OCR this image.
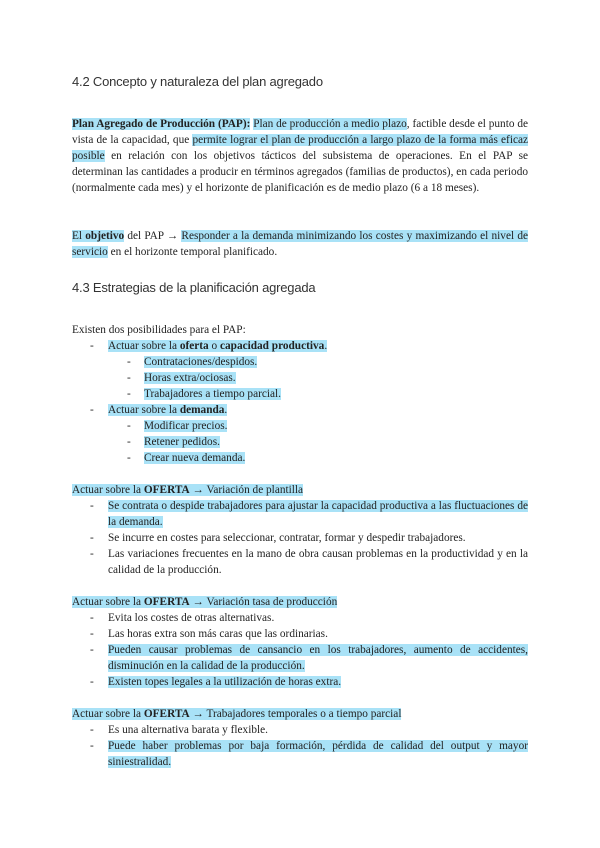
4.2 Concepto y naturaleza del plan agregado

Plan Agregado de Producción (PAP): Plan de producción a medio plazo, factible desde el punto de vista de la capacidad, que permite lograr el plan de producción a largo plazo de la forma más eficaz posible en relación con los objetivos tácticos del subsistema de operaciones. En el PAP se determinan las cantidades a producir en términos agregados (familias de productos), en cada periodo (normalmente cada mes) y el horizonte de planificación es de medio plazo (6 a 18 meses).

El objetivo del PAP → Responder a la demanda minimizando los costes y maximizando el nivel de servicio en el horizonte temporal planificado.

4.3 Estrategias de la planificación agregada
Existen dos posibilidades para el PAP:
- Actuar sobre la oferta o capacidad productiva.
- Contrataciones/despidos.
- Horas extra/ociosas.
- Trabajadores a tiempo parcial.
- Actuar sobre la demanda.
- Modificar precios.
- Retener pedidos.
- Crear nueva demanda.
Actuar sobre la OFERTA → Variación de plantilla
- Se contrata o despide trabajadores para ajustar la capacidad productiva a las fluctuaciones de la demanda.
- Se incurre en costes para seleccionar, contratar, formar y despedir trabajadores.
- Las variaciones frecuentes en la mano de obra causan problemas en la productividad y en la calidad de la producción.
Actuar sobre la OFERTA → Variación tasa de producción
- Evita los costes de otras alternativas.
- Las horas extra son más caras que las ordinarias.
- Pueden causar problemas de cansancio en los trabajadores, aumento de accidentes, disminución en la calidad de la producción.
- Existen topes legales a la utilización de horas extra.
Actuar sobre la OFERTA → Trabajadores temporales o a tiempo parcial
- Es una alternativa barata y flexible.
- Puede haber problemas por baja formación, pérdida de calidad del output y mayor siniestralidad.
